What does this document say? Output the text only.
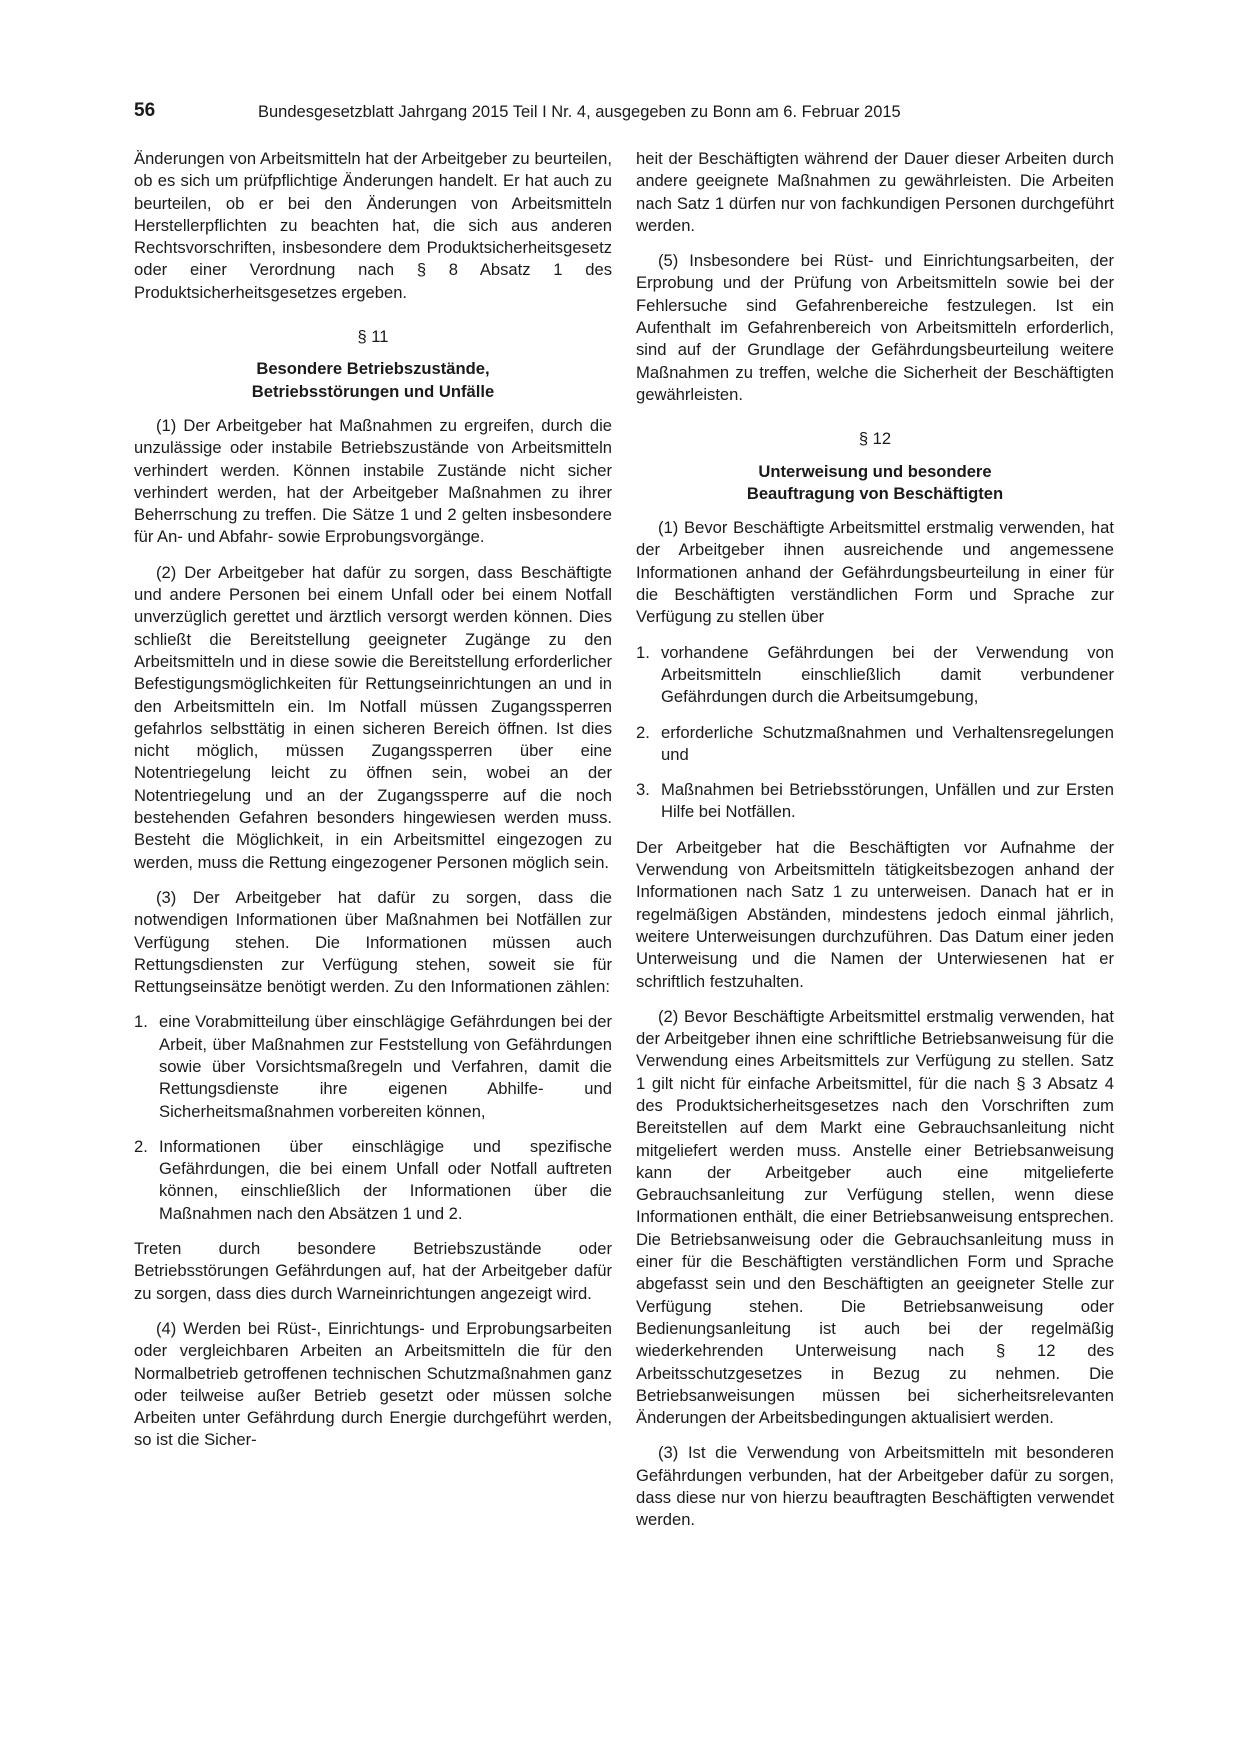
56	Bundesgesetzblatt Jahrgang 2015 Teil I Nr. 4, ausgegeben zu Bonn am 6. Februar 2015

Änderungen von Arbeitsmitteln hat der Arbeitgeber zu beurteilen, ob es sich um prüfpflichtige Änderungen handelt. Er hat auch zu beurteilen, ob er bei den Änderungen von Arbeitsmitteln Herstellerpflichten zu beachten hat, die sich aus anderen Rechtsvorschriften, insbesondere dem Produktsicherheitsgesetz oder einer Verordnung nach § 8 Absatz 1 des Produktsicherheitsgesetzes ergeben.

§ 11
Besondere Betriebszustände,
Betriebsstörungen und Unfälle

(1) Der Arbeitgeber hat Maßnahmen zu ergreifen, durch die unzulässige oder instabile Betriebszustände von Arbeitsmitteln verhindert werden. Können instabile Zustände nicht sicher verhindert werden, hat der Arbeitgeber Maßnahmen zu ihrer Beherrschung zu treffen. Die Sätze 1 und 2 gelten insbesondere für An- und Abfahr- sowie Erprobungsvorgänge.

(2) Der Arbeitgeber hat dafür zu sorgen, dass Beschäftigte und andere Personen bei einem Unfall oder bei einem Notfall unverzüglich gerettet und ärztlich versorgt werden können. Dies schließt die Bereitstellung geeigneter Zugänge zu den Arbeitsmitteln und in diese sowie die Bereitstellung erforderlicher Befestigungsmöglichkeiten für Rettungseinrichtungen an und in den Arbeitsmitteln ein. Im Notfall müssen Zugangssperren gefahrlos selbsttätig in einen sicheren Bereich öffnen. Ist dies nicht möglich, müssen Zugangssperren über eine Notentriegelung leicht zu öffnen sein, wobei an der Notentriegelung und an der Zugangssperre auf die noch bestehenden Gefahren besonders hingewiesen werden muss. Besteht die Möglichkeit, in ein Arbeitsmittel eingezogen zu werden, muss die Rettung eingezogener Personen möglich sein.

(3) Der Arbeitgeber hat dafür zu sorgen, dass die notwendigen Informationen über Maßnahmen bei Notfällen zur Verfügung stehen. Die Informationen müssen auch Rettungsdiensten zur Verfügung stehen, soweit sie für Rettungseinsätze benötigt werden. Zu den Informationen zählen:

1. eine Vorabmitteilung über einschlägige Gefährdungen bei der Arbeit, über Maßnahmen zur Feststellung von Gefährdungen sowie über Vorsichtsmaßregeln und Verfahren, damit die Rettungsdienste ihre eigenen Abhilfe- und Sicherheitsmaßnahmen vorbereiten können,
2. Informationen über einschlägige und spezifische Gefährdungen, die bei einem Unfall oder Notfall auftreten können, einschließlich der Informationen über die Maßnahmen nach den Absätzen 1 und 2.

Treten durch besondere Betriebszustände oder Betriebsstörungen Gefährdungen auf, hat der Arbeitgeber dafür zu sorgen, dass dies durch Warneinrichtungen angezeigt wird.

(4) Werden bei Rüst-, Einrichtungs- und Erprobungsarbeiten oder vergleichbaren Arbeiten an Arbeitsmitteln die für den Normalbetrieb getroffenen technischen Schutzmaßnahmen ganz oder teilweise außer Betrieb gesetzt oder müssen solche Arbeiten unter Gefährdung durch Energie durchgeführt werden, so ist die Sicher-

heit der Beschäftigten während der Dauer dieser Arbeiten durch andere geeignete Maßnahmen zu gewährleisten. Die Arbeiten nach Satz 1 dürfen nur von fachkundigen Personen durchgeführt werden.

(5) Insbesondere bei Rüst- und Einrichtungsarbeiten, der Erprobung und der Prüfung von Arbeitsmitteln sowie bei der Fehlersuche sind Gefahrenbereiche festzulegen. Ist ein Aufenthalt im Gefahrenbereich von Arbeitsmitteln erforderlich, sind auf der Grundlage der Gefährdungsbeurteilung weitere Maßnahmen zu treffen, welche die Sicherheit der Beschäftigten gewährleisten.

§ 12
Unterweisung und besondere
Beauftragung von Beschäftigten

(1) Bevor Beschäftigte Arbeitsmittel erstmalig verwenden, hat der Arbeitgeber ihnen ausreichende und angemessene Informationen anhand der Gefährdungsbeurteilung in einer für die Beschäftigten verständlichen Form und Sprache zur Verfügung zu stellen über

1. vorhandene Gefährdungen bei der Verwendung von Arbeitsmitteln einschließlich damit verbundener Gefährdungen durch die Arbeitsumgebung,
2. erforderliche Schutzmaßnahmen und Verhaltensregelungen und
3. Maßnahmen bei Betriebsstörungen, Unfällen und zur Ersten Hilfe bei Notfällen.

Der Arbeitgeber hat die Beschäftigten vor Aufnahme der Verwendung von Arbeitsmitteln tätigkeitsbezogen anhand der Informationen nach Satz 1 zu unterweisen. Danach hat er in regelmäßigen Abständen, mindestens jedoch einmal jährlich, weitere Unterweisungen durchzuführen. Das Datum einer jeden Unterweisung und die Namen der Unterwiesenen hat er schriftlich festzuhalten.

(2) Bevor Beschäftigte Arbeitsmittel erstmalig verwenden, hat der Arbeitgeber ihnen eine schriftliche Betriebsanweisung für die Verwendung eines Arbeitsmittels zur Verfügung zu stellen. Satz 1 gilt nicht für einfache Arbeitsmittel, für die nach § 3 Absatz 4 des Produktsicherheitsgesetzes nach den Vorschriften zum Bereitstellen auf dem Markt eine Gebrauchsanleitung nicht mitgeliefert werden muss. Anstelle einer Betriebsanweisung kann der Arbeitgeber auch eine mitgelieferte Gebrauchsanleitung zur Verfügung stellen, wenn diese Informationen enthält, die einer Betriebsanweisung entsprechen. Die Betriebsanweisung oder die Gebrauchsanleitung muss in einer für die Beschäftigten verständlichen Form und Sprache abgefasst sein und den Beschäftigten an geeigneter Stelle zur Verfügung stehen. Die Betriebsanweisung oder Bedienungsanleitung ist auch bei der regelmäßig wiederkehrenden Unterweisung nach § 12 des Arbeitsschutzgesetzes in Bezug zu nehmen. Die Betriebsanweisungen müssen bei sicherheitsrelevanten Änderungen der Arbeitsbedingungen aktualisiert werden.

(3) Ist die Verwendung von Arbeitsmitteln mit besonderen Gefährdungen verbunden, hat der Arbeitgeber dafür zu sorgen, dass diese nur von hierzu beauftragten Beschäftigten verwendet werden.
